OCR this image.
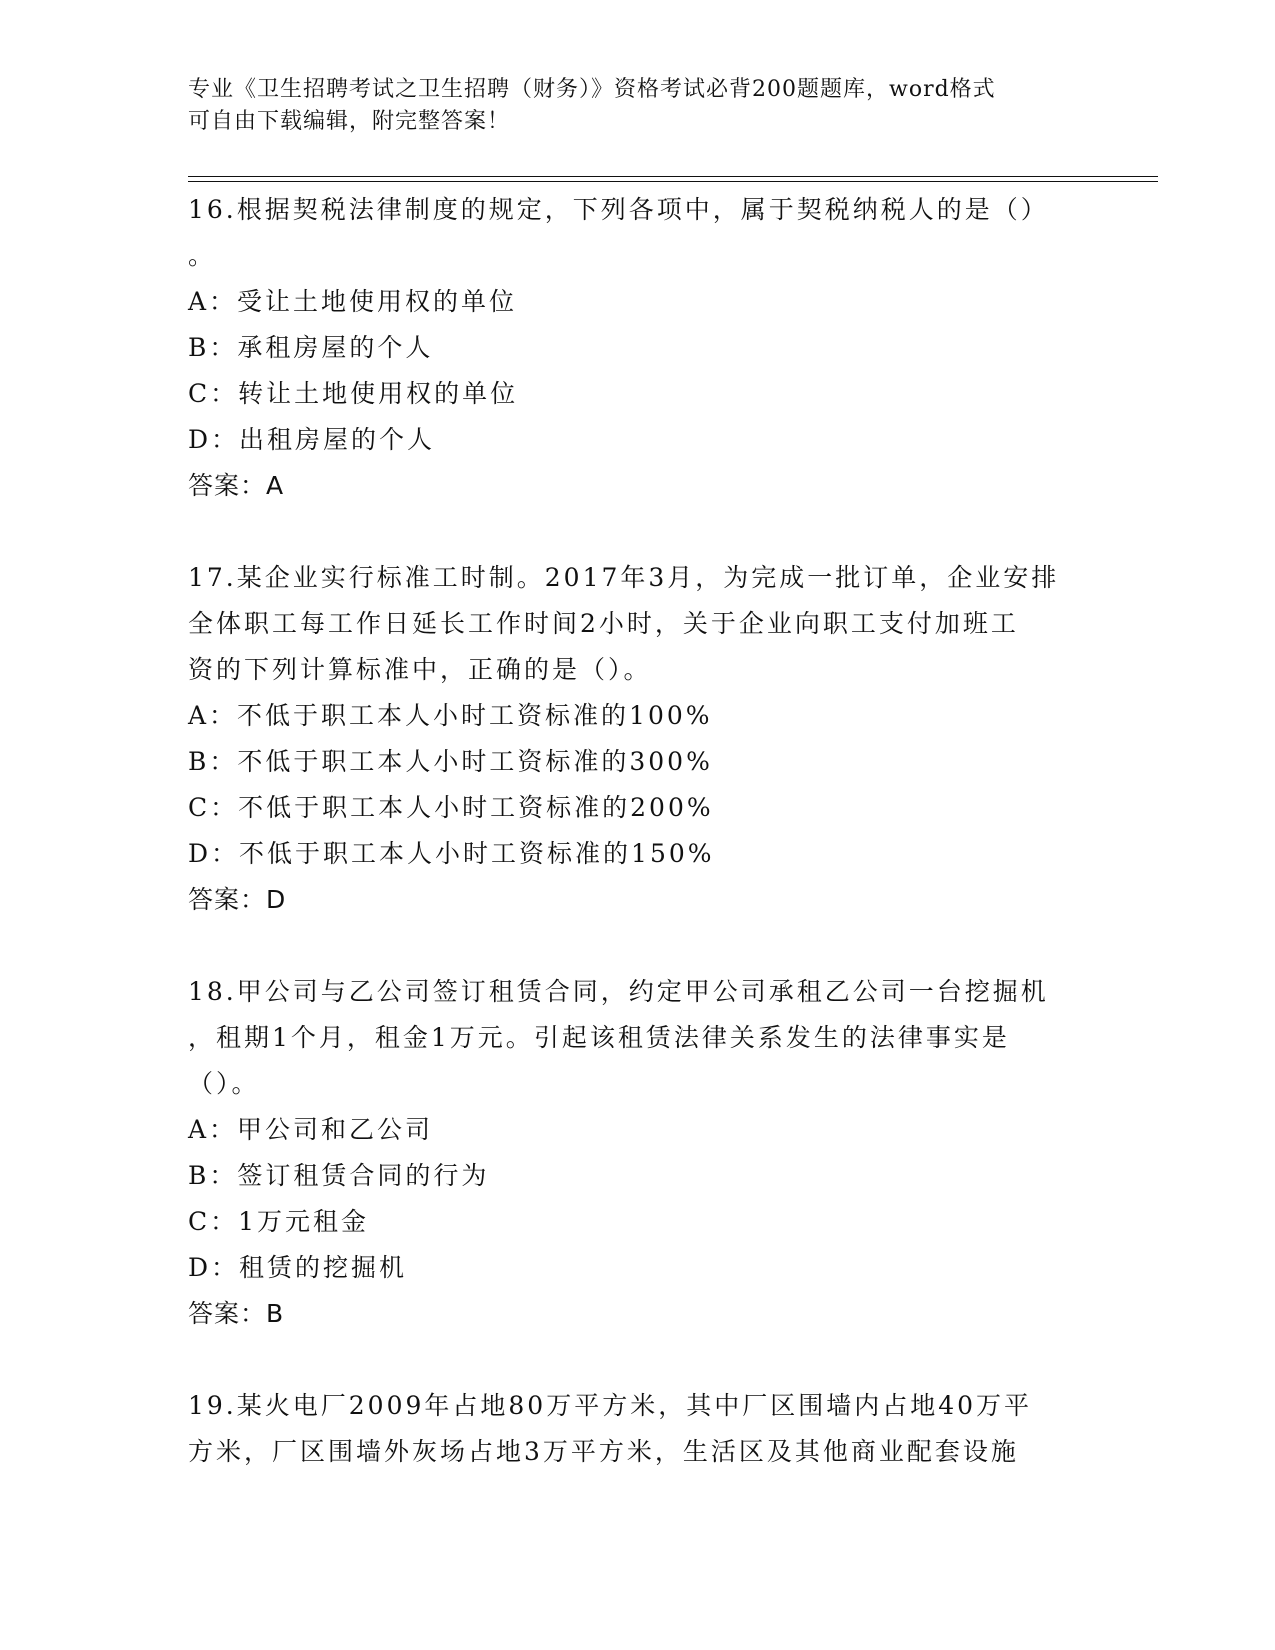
专业《卫生招聘考试之卫生招聘（财务）》资格考试必背200题题库，word格式
可自由下载编辑，附完整答案！
16.根据契税法律制度的规定，下列各项中，属于契税纳税人的是（）
。
A：受让土地使用权的单位
B：承租房屋的个人
C：转让土地使用权的单位
D：出租房屋的个人
答案：A
17.某企业实行标准工时制。2017年3月，为完成一批订单，企业安排
全体职工每工作日延长工作时间2小时，关于企业向职工支付加班工
资的下列计算标准中，正确的是（）。
A：不低于职工本人小时工资标准的100%
B：不低于职工本人小时工资标准的300%
C：不低于职工本人小时工资标准的200%
D：不低于职工本人小时工资标准的150%
答案：D
18.甲公司与乙公司签订租赁合同，约定甲公司承租乙公司一台挖掘机
，租期1个月，租金1万元。引起该租赁法律关系发生的法律事实是
（）。
A：甲公司和乙公司
B：签订租赁合同的行为
C：1万元租金
D：租赁的挖掘机
答案：B
19.某火电厂2009年占地80万平方米，其中厂区围墙内占地40万平
方米，厂区围墙外灰场占地3万平方米，生活区及其他商业配套设施
